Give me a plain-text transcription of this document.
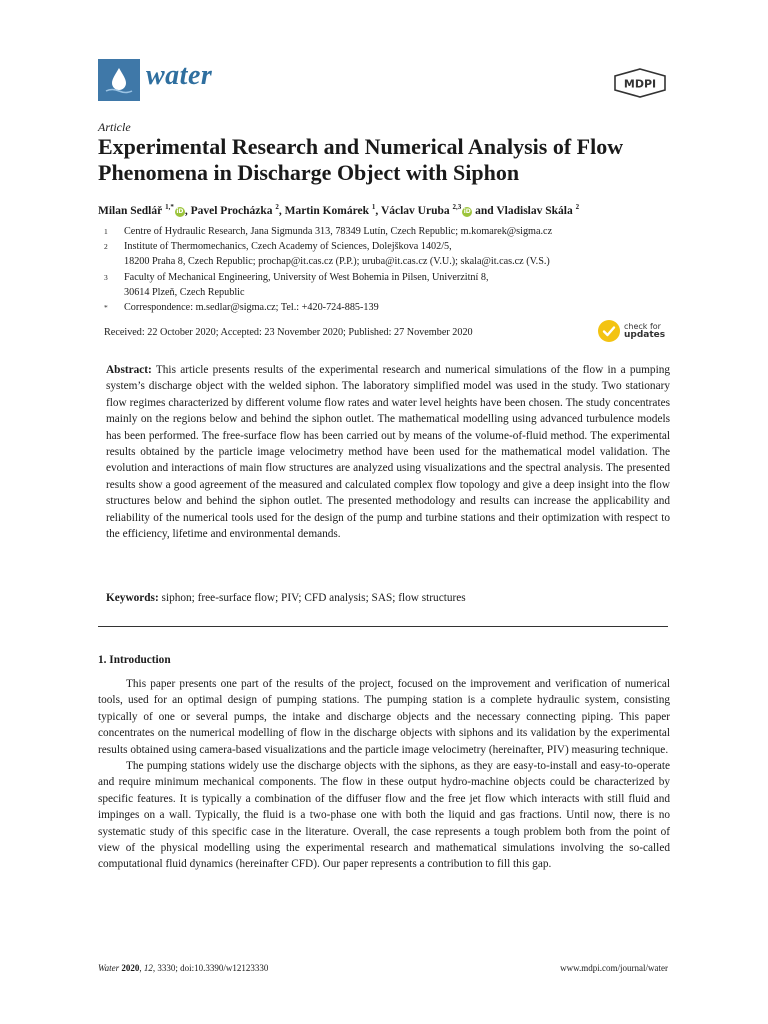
water	MDPI
Article
Experimental Research and Numerical Analysis of Flow Phenomena in Discharge Object with Siphon
Milan Sedlář $^{1,*}$iD, Pavel Procházka $^2$, Martin Komárek $^1$, Václav Uruba $^{2,3}$iD and Vladislav Skála $^2$
1	Centre of Hydraulic Research, Jana Sigmunda 313, 78349 Lutín, Czech Republic; m.komarek@sigma.cz
2	Institute of Thermomechanics, Czech Academy of Sciences, Dolejškova 1402/5,
18200 Praha 8, Czech Republic; prochap@it.cas.cz (P.P.); uruba@it.cas.cz (V.U.); skala@it.cas.cz (V.S.)
3	Faculty of Mechanical Engineering, University of West Bohemia in Pilsen, Univerzitní 8,
30614 Plzeň, Czech Republic
*	Correspondence: m.sedlar@sigma.cz; Tel.: +420-724-885-139
Received: 22 October 2020; Accepted: 23 November 2020; Published: 27 November 2020
check for
updates
Abstract: This article presents results of the experimental research and numerical simulations of the flow in a pumping system’s discharge object with the welded siphon. The laboratory simplified model was used in the study. Two stationary flow regimes characterized by different volume flow rates and water level heights have been chosen. The study concentrates mainly on the regions below and behind the siphon outlet. The mathematical modelling using advanced turbulence models has been performed. The free-surface flow has been carried out by means of the volume-of-fluid method. The experimental results obtained by the particle image velocimetry method have been used for the mathematical model validation. The evolution and interactions of main flow structures are analyzed using visualizations and the spectral analysis. The presented results show a good agreement of the measured and calculated complex flow topology and give a deep insight into the flow structures below and behind the siphon outlet. The presented methodology and results can increase the applicability and reliability of the numerical tools used for the design of the pump and turbine stations and their optimization with respect to the efficiency, lifetime and environmental demands.
Keywords: siphon; free-surface flow; PIV; CFD analysis; SAS; flow structures
1. Introduction

This paper presents one part of the results of the project, focused on the improvement and verification of numerical tools, used for an optimal design of pumping stations. The pumping station is a complete hydraulic system, consisting typically of one or several pumps, the intake and discharge objects and the necessary connecting piping. This paper concentrates on the numerical modelling of flow in the discharge objects with siphons and its validation by the experimental results obtained using camera-based visualizations and the particle image velocimetry (hereinafter, PIV) measuring technique.

The pumping stations widely use the discharge objects with the siphons, as they are easy-to-install and easy-to-operate and require minimum mechanical components. The flow in these output hydro-machine objects could be characterized by specific features. It is typically a combination of the diffuser flow and the free jet flow which interacts with still fluid and impinges on a wall. Typically, the fluid is a two-phase one with both the liquid and gas fractions. Until now, there is no systematic study of this specific case in the literature. Overall, the case represents a tough problem both from the point of view of the physical modelling using the experimental research and mathematical simulations involving the so-called computational fluid dynamics (hereinafter CFD). Our paper represents a contribution to fill this gap.

Water 2020, 12, 3330; doi:10.3390/w12123330	www.mdpi.com/journal/water
